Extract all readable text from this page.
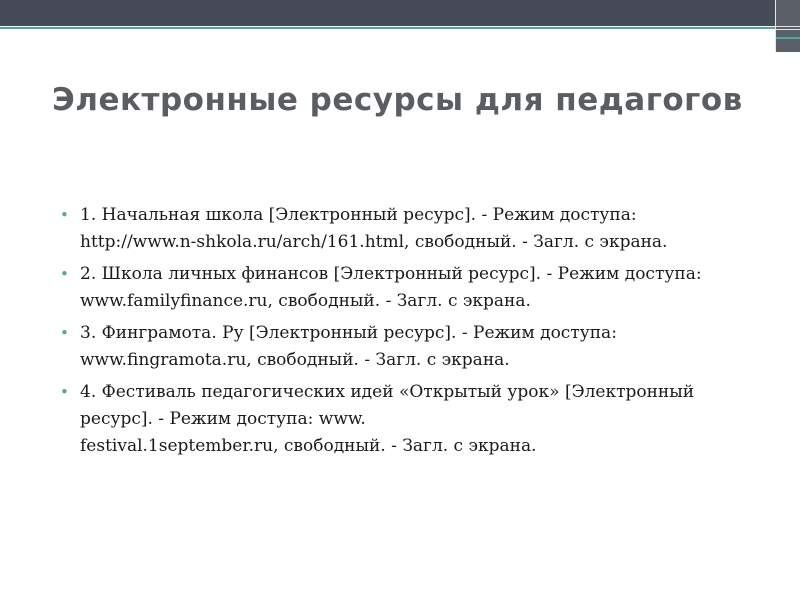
Электронные ресурсы для педагогов
• 1. Начальная школа [Электронный ресурс]. - Режим доступа: http://www.n-shkola.ru/arch/161.html, свободный. - Загл. с экрана.
• 2. Школа личных финансов [Электронный ресурс]. - Режим доступа: www.familyfinance.ru, свободный. - Загл. с экрана.
• 3. Финграмота. Ру [Электронный ресурс]. - Режим доступа: www.fingramota.ru, свободный. - Загл. с экрана.
• 4. Фестиваль педагогических идей «Открытый урок» [Электронный ресурс]. - Режим доступа: www.
festival.1september.ru, свободный. - Загл. с экрана.
